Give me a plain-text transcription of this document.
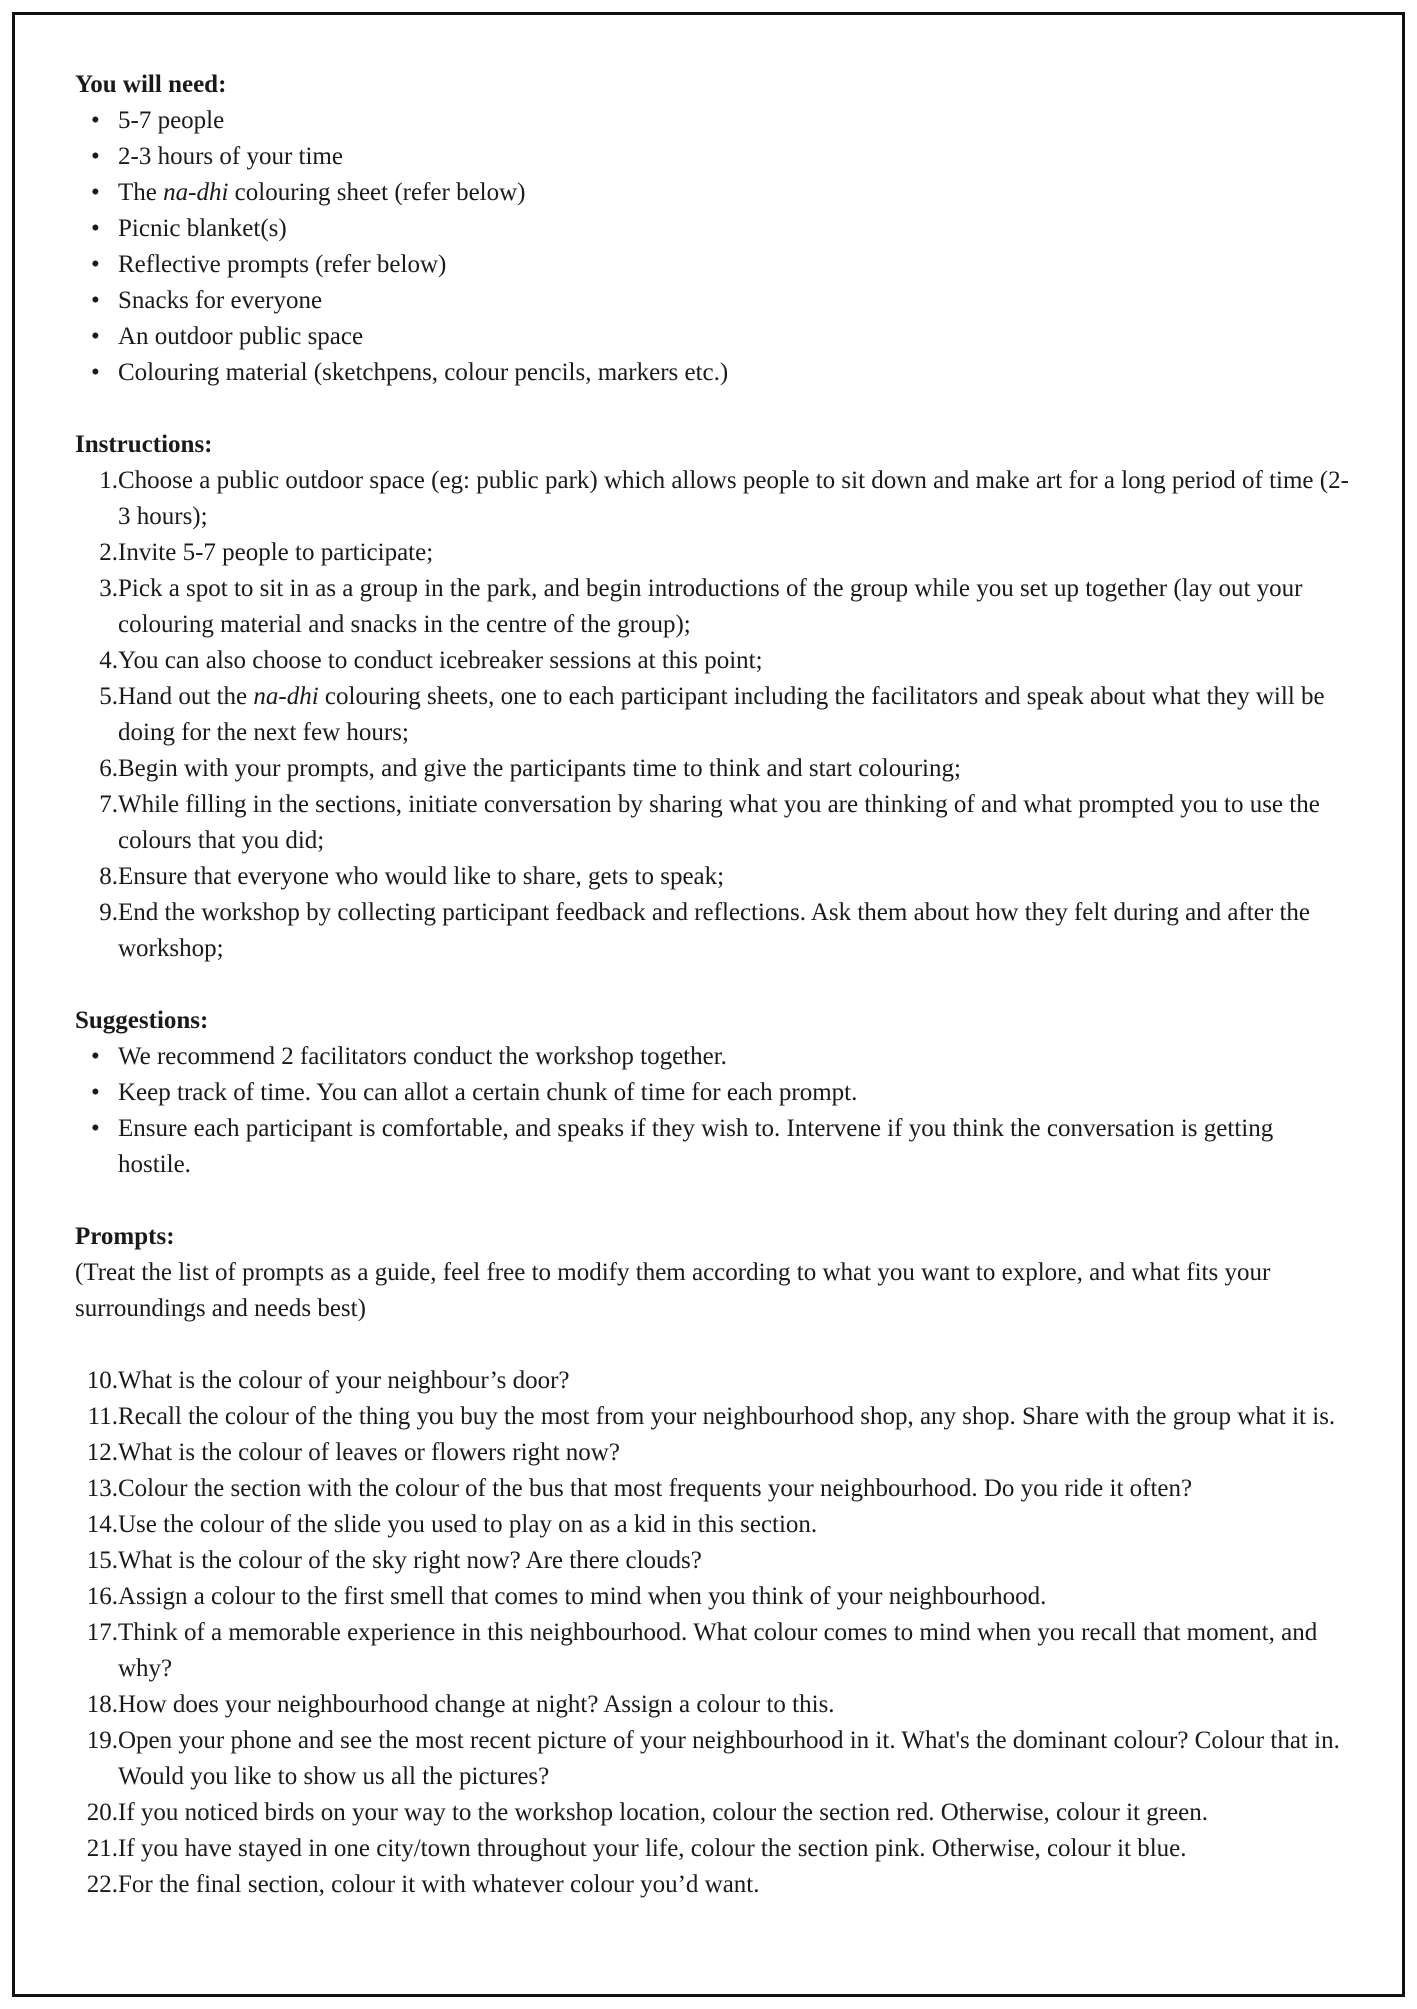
You will need:

• 5-7 people
• 2-3 hours of your time
• The na-dhi colouring sheet (refer below)
• Picnic blanket(s)
• Reflective prompts (refer below)
• Snacks for everyone
• An outdoor public space
• Colouring material (sketchpens, colour pencils, markers etc.)

Instructions:

1. Choose a public outdoor space (eg: public park) which allows people to sit down and make art for a long period of time (2-3 hours);
2. Invite 5-7 people to participate;
3. Pick a spot to sit in as a group in the park, and begin introductions of the group while you set up together (lay out your colouring material and snacks in the centre of the group);
4. You can also choose to conduct icebreaker sessions at this point;
5. Hand out the na-dhi colouring sheets, one to each participant including the facilitators and speak about what they will be doing for the next few hours;
6. Begin with your prompts, and give the participants time to think and start colouring;
7. While filling in the sections, initiate conversation by sharing what you are thinking of and what prompted you to use the colours that you did;
8. Ensure that everyone who would like to share, gets to speak;
9. End the workshop by collecting participant feedback and reflections. Ask them about how they felt during and after the workshop;

Suggestions:

• We recommend 2 facilitators conduct the workshop together.
• Keep track of time. You can allot a certain chunk of time for each prompt.
• Ensure each participant is comfortable, and speaks if they wish to. Intervene if you think the conversation is getting hostile.

Prompts:

(Treat the list of prompts as a guide, feel free to modify them according to what you want to explore, and what fits your surroundings and needs best)

10. What is the colour of your neighbour’s door?
11. Recall the colour of the thing you buy the most from your neighbourhood shop, any shop. Share with the group what it is.
12. What is the colour of leaves or flowers right now?
13. Colour the section with the colour of the bus that most frequents your neighbourhood. Do you ride it often?
14. Use the colour of the slide you used to play on as a kid in this section.
15. What is the colour of the sky right now? Are there clouds?
16. Assign a colour to the first smell that comes to mind when you think of your neighbourhood.
17. Think of a memorable experience in this neighbourhood. What colour comes to mind when you recall that moment, and why?
18. How does your neighbourhood change at night? Assign a colour to this.
19. Open your phone and see the most recent picture of your neighbourhood in it. What's the dominant colour? Colour that in. Would you like to show us all the pictures?
20. If you noticed birds on your way to the workshop location, colour the section red. Otherwise, colour it green.
21. If you have stayed in one city/town throughout your life, colour the section pink. Otherwise, colour it blue.
22. For the final section, colour it with whatever colour you’d want.
